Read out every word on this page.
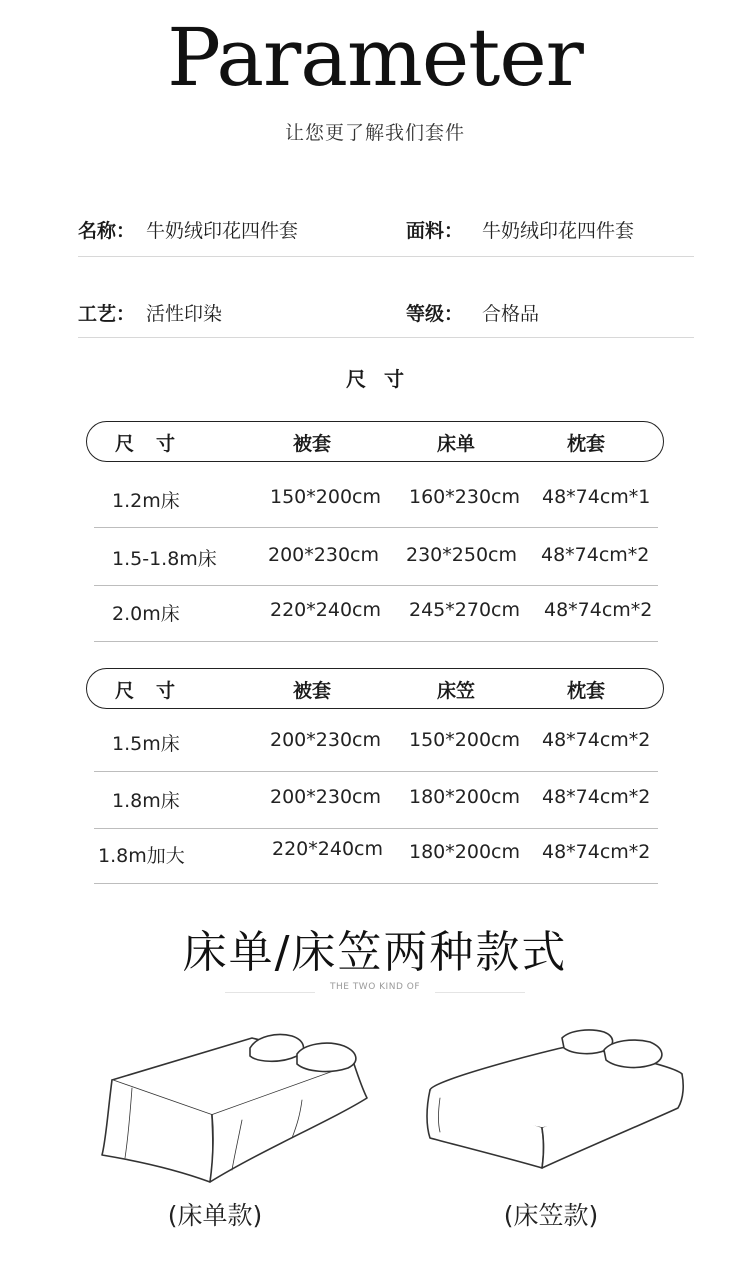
Parameter
让您更了解我们套件
名称： 牛奶绒印花四件套	面料： 牛奶绒印花四件套
工艺： 活性印染	等级： 合格品
尺寸
尺寸	被套	床单	枕套
1.2m床	150*200cm 160*230cm 48*74cm*1
1.5-1.8m床	200*230cm 230*250cm 48*74cm*2
2.0m床	220*240cm 245*270cm 48*74cm*2
尺寸	被套	床笠	枕套
1.5m床	200*230cm 150*200cm 48*74cm*2
1.8m床	200*230cm 180*200cm 48*74cm*2
1.8m加大	220*240cm 180*200cm 48*74cm*2
床单/床笠两种款式
THE TWO KIND OF
(床单款)	(床笠款)
